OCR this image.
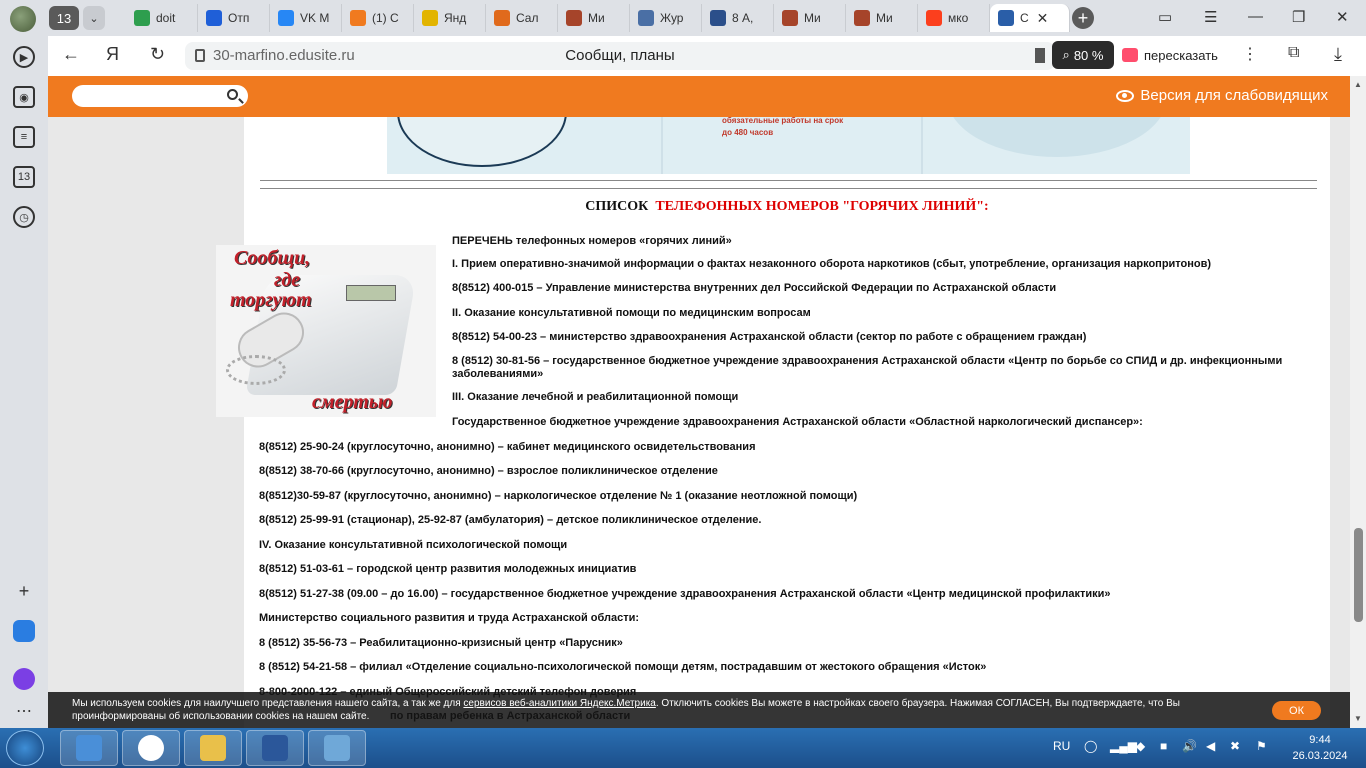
13	⌄	doit	Отп	VK М	(1) С	Янд	Сал	Ми	Жур	8 А,	Ми	Ми	мко	С ✕	+	▭ ☰ — ❐ ✕
▶
◉
≡
13
◷
+
⋯
← Я ↻	30-marfino.edusite.ru	Сообщи, планы	⌕ 80 %	пересказать ⋮ ⧉ ⤓
Версия для слабовидящих
обязательные работы на срок
до 480 часов
СПИСОК ТЕЛЕФОННЫХ НОМЕРОВ "ГОРЯЧИХ ЛИНИЙ":
Сообщи,
где
торгуют
смертью
ПЕРЕЧЕНЬ телефонных номеров «горячих линий»
I. Прием оперативно-значимой информации о фактах незаконного оборота наркотиков (сбыт, употребление, организация наркопритонов)
8(8512) 400-015 – Управление министерства внутренних дел Российской Федерации по Астраханской области
II. Оказание консультативной помощи по медицинским вопросам
8(8512) 54-00-23 – министерство здравоохранения Астраханской области (сектор по работе с обращением граждан)
8 (8512) 30-81-56 – государственное бюджетное учреждение здравоохранения Астраханской области «Центр по борьбе со СПИД и др. инфекционными заболеваниями»
III. Оказание лечебной и реабилитационной помощи
Государственное бюджетное учреждение здравоохранения Астраханской области «Областной наркологический диспансер»:
8(8512) 25-90-24 (круглосуточно, анонимно) – кабинет медицинского освидетельствования
8(8512) 38-70-66 (круглосуточно, анонимно) – взрослое поликлиническое отделение
8(8512)30-59-87 (круглосуточно, анонимно) – наркологическое отделение № 1 (оказание неотложной помощи)
8(8512) 25-99-91 (стационар), 25-92-87 (амбулатория) – детское поликлиническое отделение.
IV. Оказание консультативной психологической помощи
8(8512) 51-03-61 – городской центр развития молодежных инициатив
8(8512) 51-27-38 (09.00 – до 16.00) – государственное бюджетное учреждение здравоохранения Астраханской области «Центр медицинской профилактики»
Министерство социального развития и труда Астраханской области:
8 (8512) 35-56-73 – Реабилитационно-кризисный центр «Парусник»
8 (8512) 54-21-58 – филиал «Отделение социально-психологической помощи детям, пострадавшим от жестокого обращения «Исток»
▲
▼
Мы используем cookies для наилучшего представления нашего сайта, а так же для сервисов веб-аналитики Яндекс.Метрика. Отключить cookies Вы можете в настройках своего браузера. Нажимая СОГЛАСЕН, Вы подтверждаете, что Вы проинформированы об использовании cookies на нашем сайте.	ОК
RU ◯ ▂▄▆ ◆ ■ 🔊 ◀ ✖ ⚑	9:44
26.03.2024
